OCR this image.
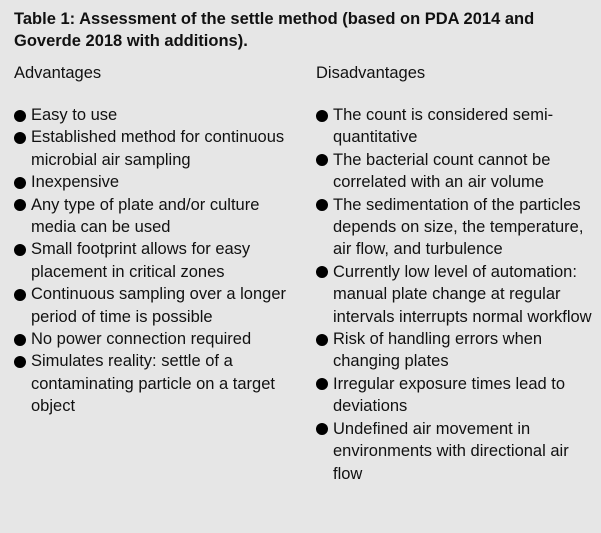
Table 1: Assessment of the settle method (based on PDA 2014 and Goverde 2018 with additions).

Advantages
Easy to use
Established method for continuous microbial air sampling
Inexpensive
Any type of plate and/or culture media can be used
Small footprint allows for easy placement in critical zones
Continuous sampling over a longer period of time is possible
No power connection required
Simulates reality: settle of a contaminating particle on a target object
Disadvantages
The count is considered semi-quantitative
The bacterial count cannot be correlated with an air volume
The sedimentation of the particles depends on size, the temperature, air flow, and turbulence
Currently low level of automation: manual plate change at regular intervals interrupts normal workflow
Risk of handling errors when changing plates
Irregular exposure times lead to deviations
Undefined air movement in environments with directional air flow
